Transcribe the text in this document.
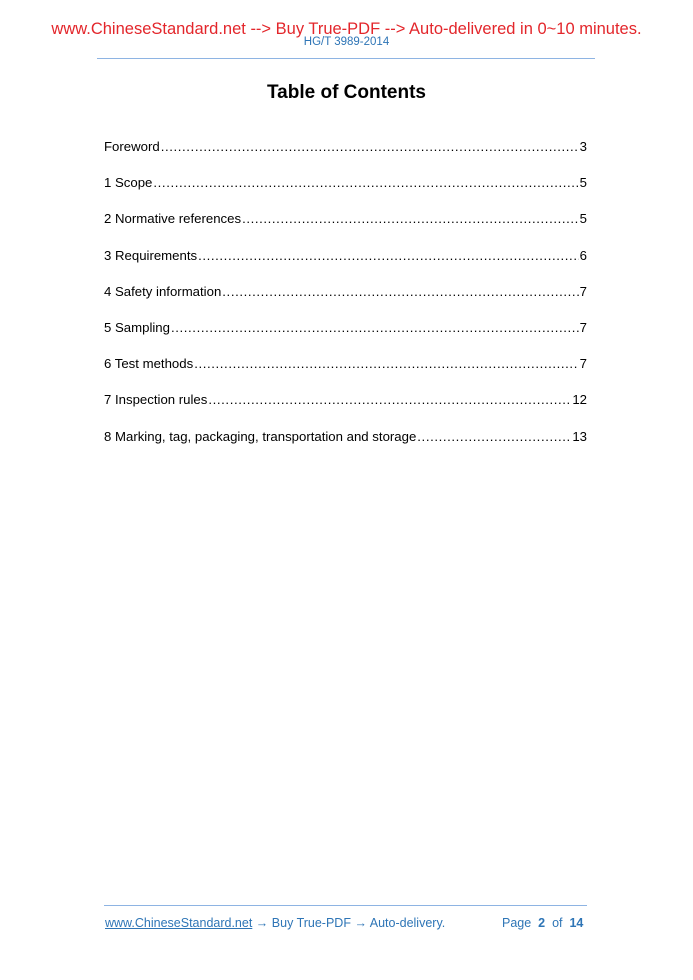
www.ChineseStandard.net --> Buy True-PDF --> Auto-delivered in 0~10 minutes.
HG/T 3989-2014
Table of Contents
Foreword .....	3
1 Scope .....	5
2 Normative references .....	5
3 Requirements .....	6
4 Safety information .....	7
5 Sampling .....	7
6 Test methods .....	7
7 Inspection rules .....	12
8 Marking, tag, packaging, transportation and storage .....	13
www.ChineseStandard.net → Buy True-PDF → Auto-delivery.	Page 2 of 14
